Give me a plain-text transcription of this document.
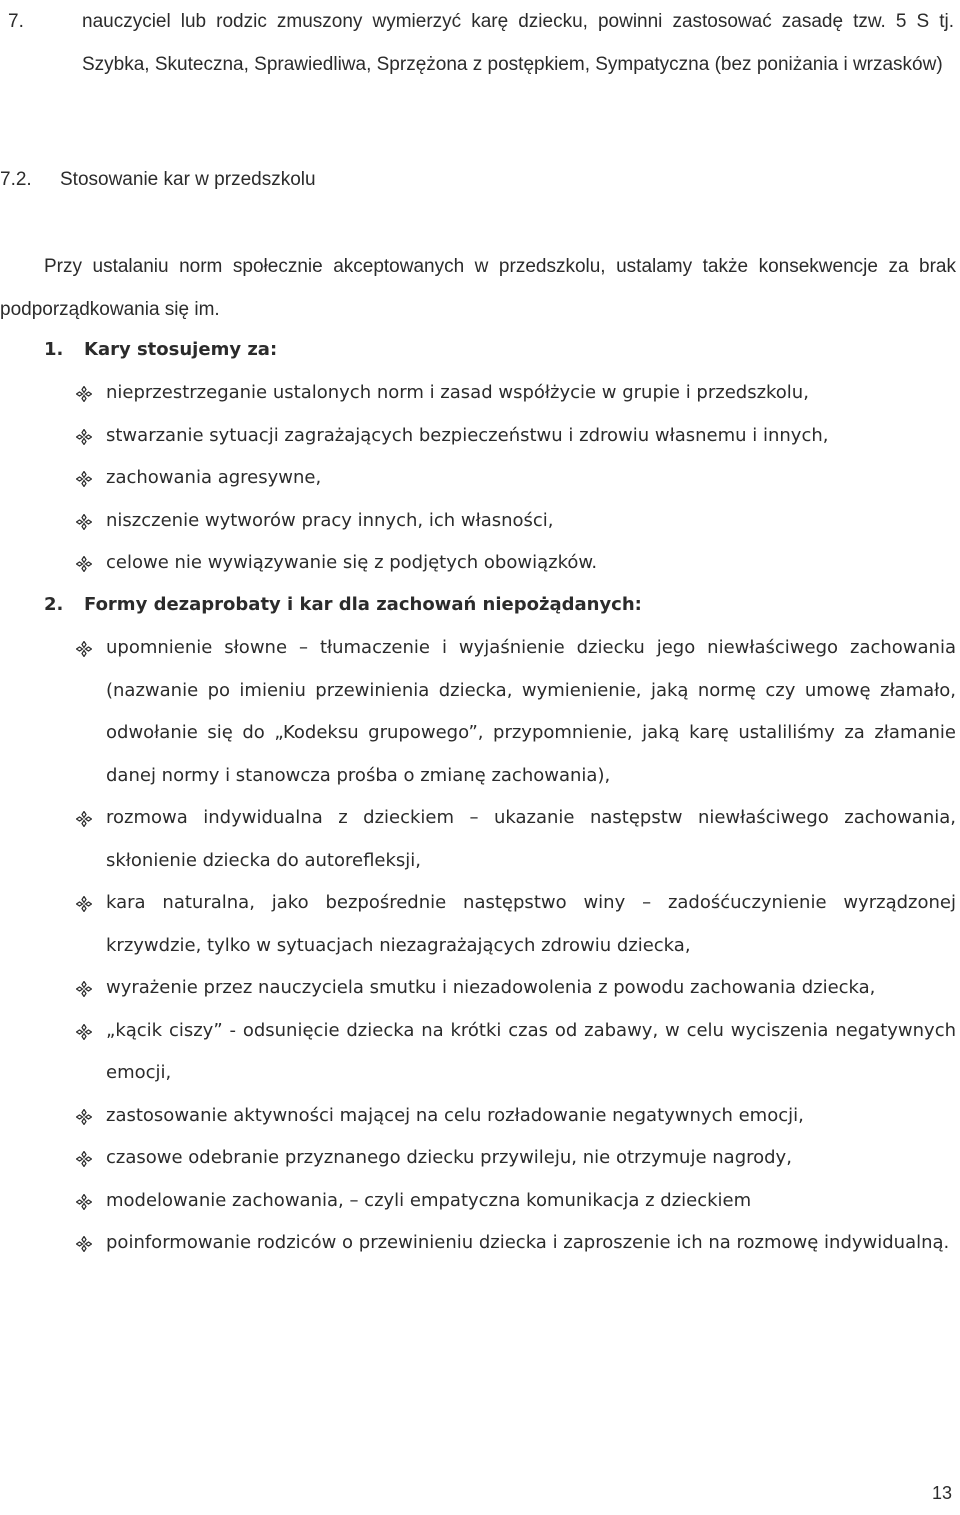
7.	nauczyciel lub rodzic zmuszony wymierzyć karę dziecku, powinni zastosować zasadę tzw. 5 S tj. Szybka, Skuteczna, Sprawiedliwa, Sprzężona z postępkiem, Sympatyczna (bez poniżania i wrzasków)
7.2. Stosowanie kar w przedszkolu

Przy ustalaniu norm społecznie akceptowanych w przedszkolu, ustalamy także konsekwencje za brak podporządkowania się im.

1. Kary stosujemy za:
nieprzestrzeganie ustalonych norm i zasad współżycie w grupie i przedszkolu,
stwarzanie sytuacji zagrażających bezpieczeństwu i zdrowiu własnemu i innych,
zachowania agresywne,
niszczenie wytworów pracy innych, ich własności,
celowe nie wywiązywanie się z podjętych obowiązków.
2. Formy dezaprobaty i kar dla zachowań niepożądanych:
upomnienie słowne – tłumaczenie i wyjaśnienie dziecku jego niewłaściwego zachowania (nazwanie po imieniu przewinienia dziecka, wymienienie, jaką normę czy umowę złamało, odwołanie się do „Kodeksu grupowego”, przypomnienie, jaką karę ustaliliśmy za złamanie danej normy i stanowcza prośba o zmianę zachowania),
rozmowa indywidualna z dzieckiem – ukazanie następstw niewłaściwego zachowania, skłonienie dziecka do autorefleksji,
kara naturalna, jako bezpośrednie następstwo winy – zadośćuczynienie wyrządzonej krzywdzie, tylko w sytuacjach niezagrażających zdrowiu dziecka,
wyrażenie przez nauczyciela smutku i niezadowolenia z powodu zachowania dziecka,
„kącik ciszy” - odsunięcie dziecka na krótki czas od zabawy, w celu wyciszenia negatywnych emocji,
zastosowanie aktywności mającej na celu rozładowanie negatywnych emocji,
czasowe odebranie przyznanego dziecku przywileju, nie otrzymuje nagrody,
modelowanie zachowania, – czyli empatyczna komunikacja z dzieckiem
poinformowanie rodziców o przewinieniu dziecka i zaproszenie ich na rozmowę indywidualną.
13
